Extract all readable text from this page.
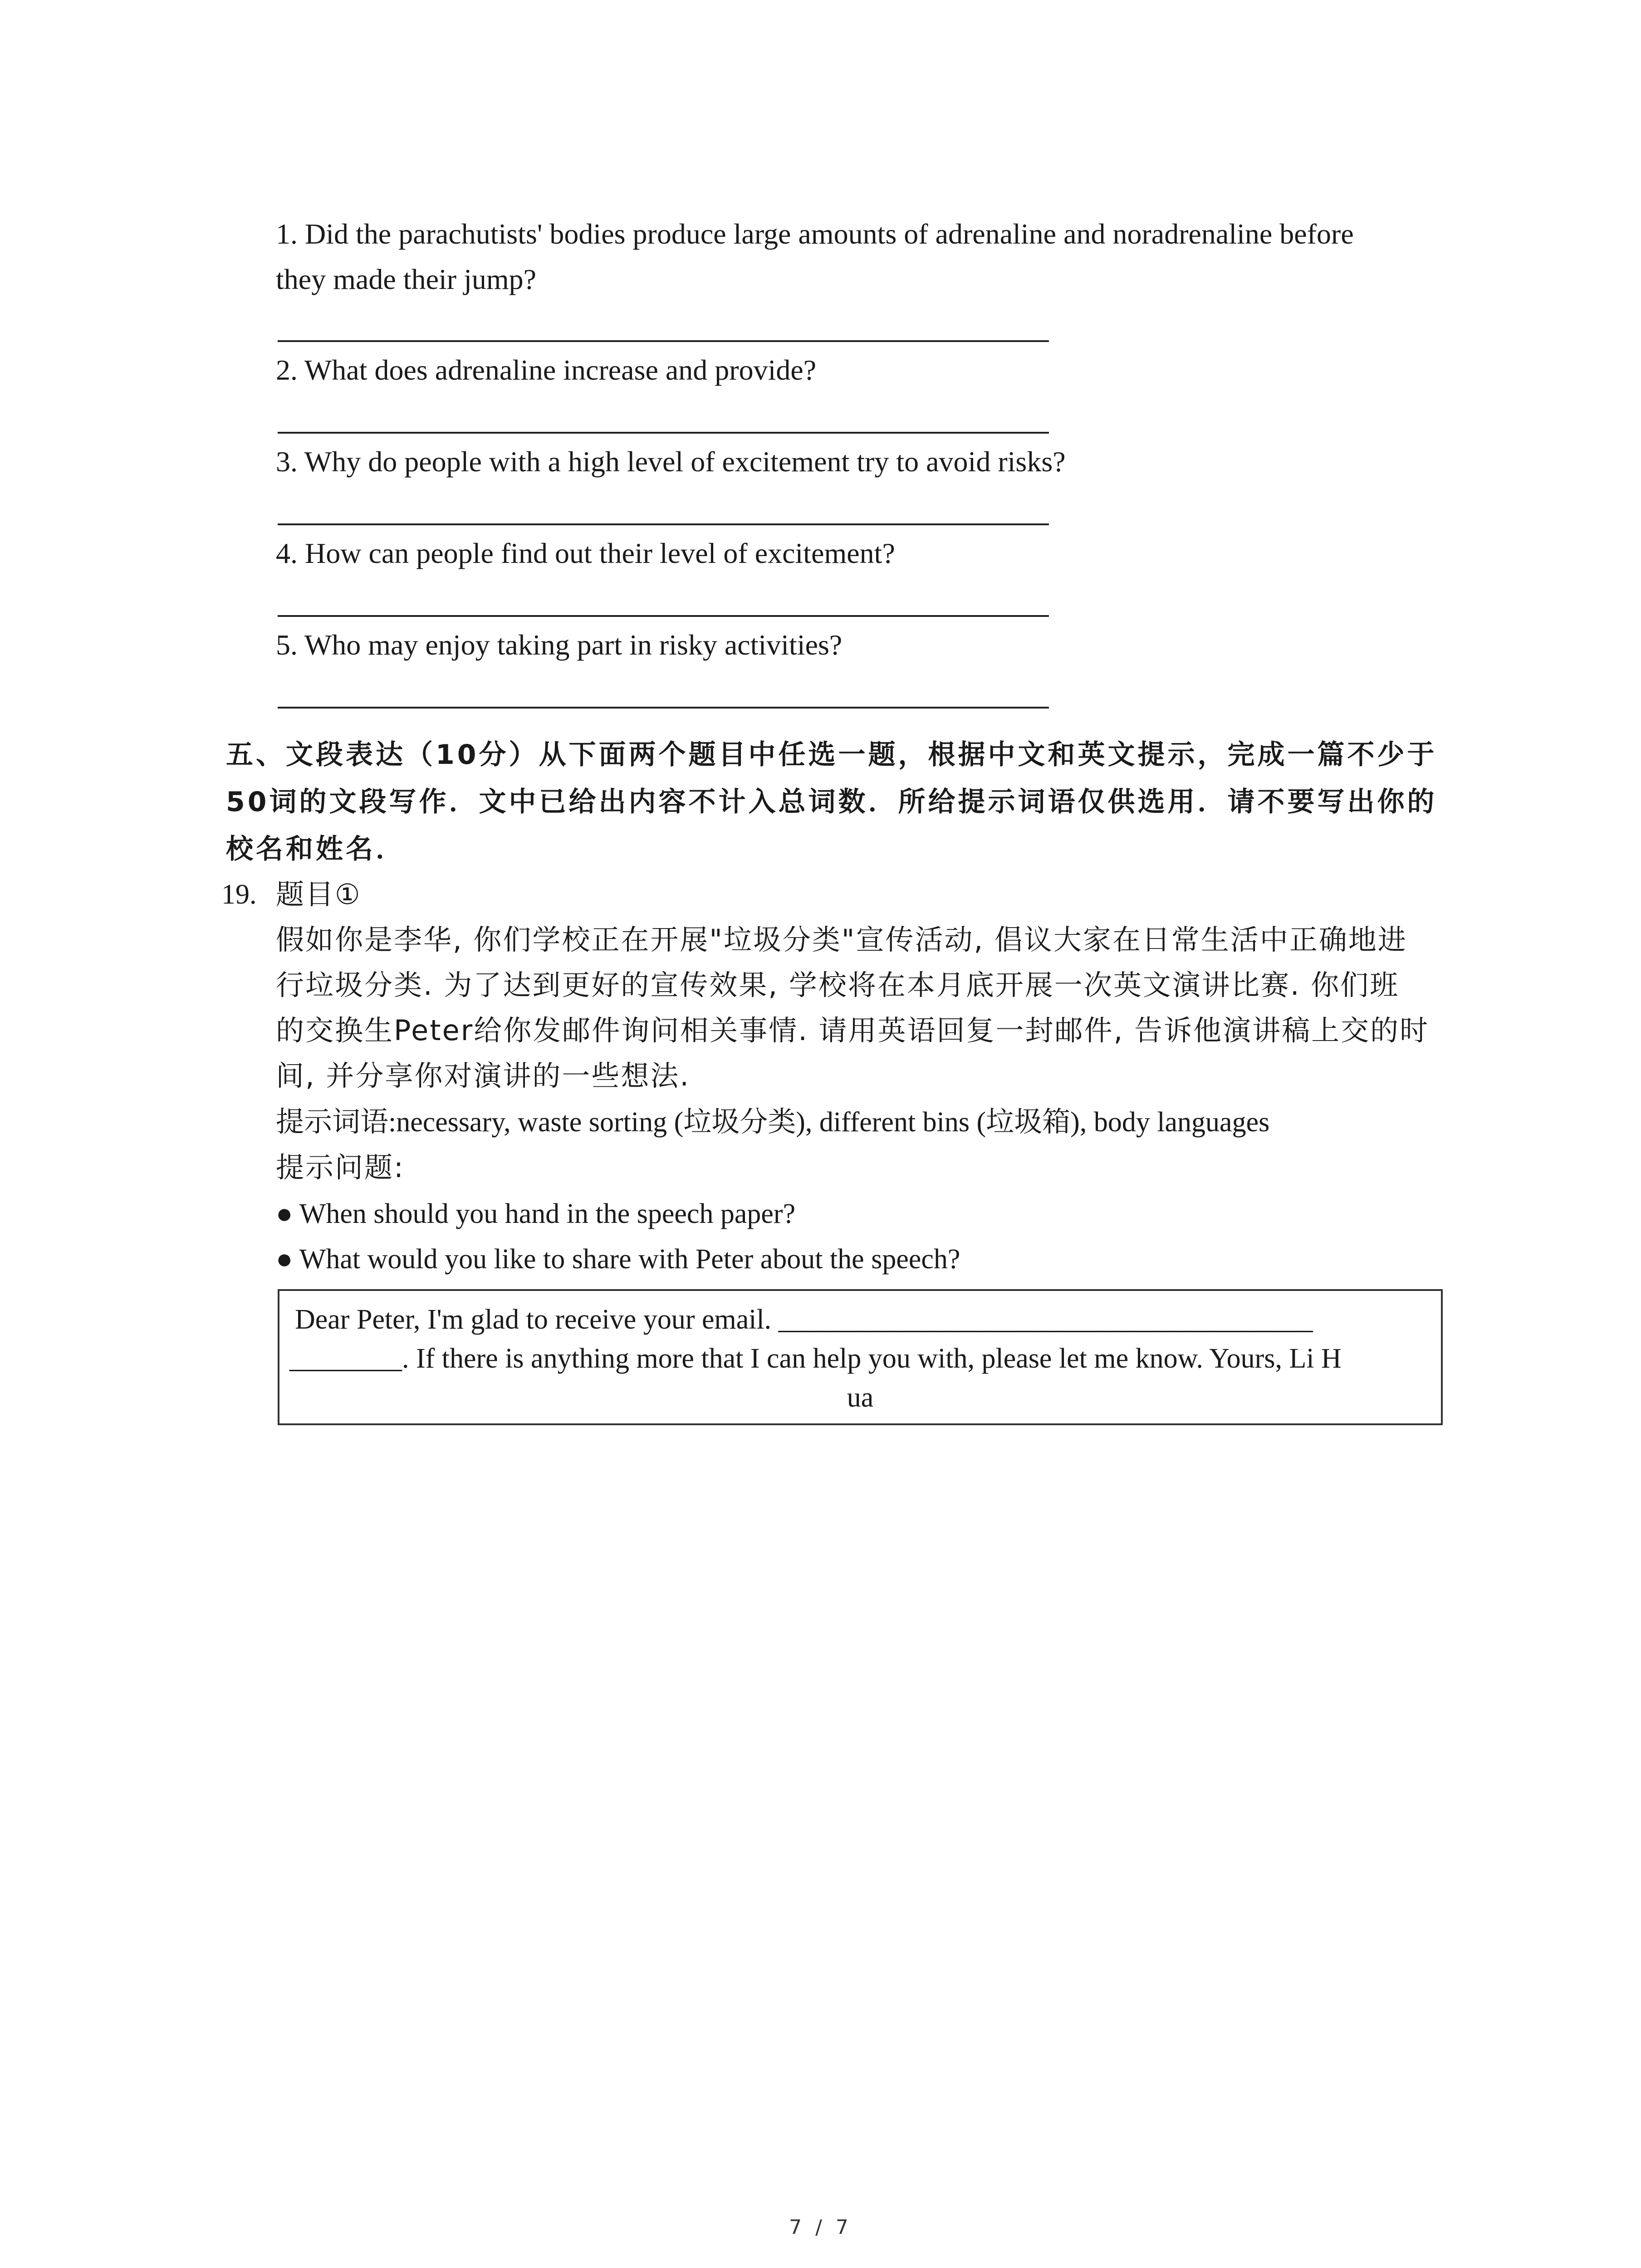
1. Did the parachutists' bodies produce large amounts of adrenaline and noradrenaline before
they made their jump?
2. What does adrenaline increase and provide?
3. Why do people with a high level of excitement try to avoid risks?
4. How can people find out their level of excitement?
5. Who may enjoy taking part in risky activities?
五、文段表达（10分）从下面两个题目中任选一题，根据中文和英文提示，完成一篇不少于
50词的文段写作．文中已给出内容不计入总词数．所给提示词语仅供选用．请不要写出你的
校名和姓名．
19. 题目①
假如你是李华, 你们学校正在开展"垃圾分类"宣传活动, 倡议大家在日常生活中正确地进
行垃圾分类. 为了达到更好的宣传效果, 学校将在本月底开展一次英文演讲比赛. 你们班
的交换生Peter给你发邮件询问相关事情. 请用英语回复一封邮件, 告诉他演讲稿上交的时
间, 并分享你对演讲的一些想法.
提示词语:necessary, waste sorting (垃圾分类), different bins (垃圾箱), body languages
提示问题:
● When should you hand in the speech paper?
● What would you like to share with Peter about the speech?
Dear Peter, I'm glad to receive your email. ______________________________________
________. If there is anything more that I can help you with, please let me know. Yours, Li H
ua
7 / 7
